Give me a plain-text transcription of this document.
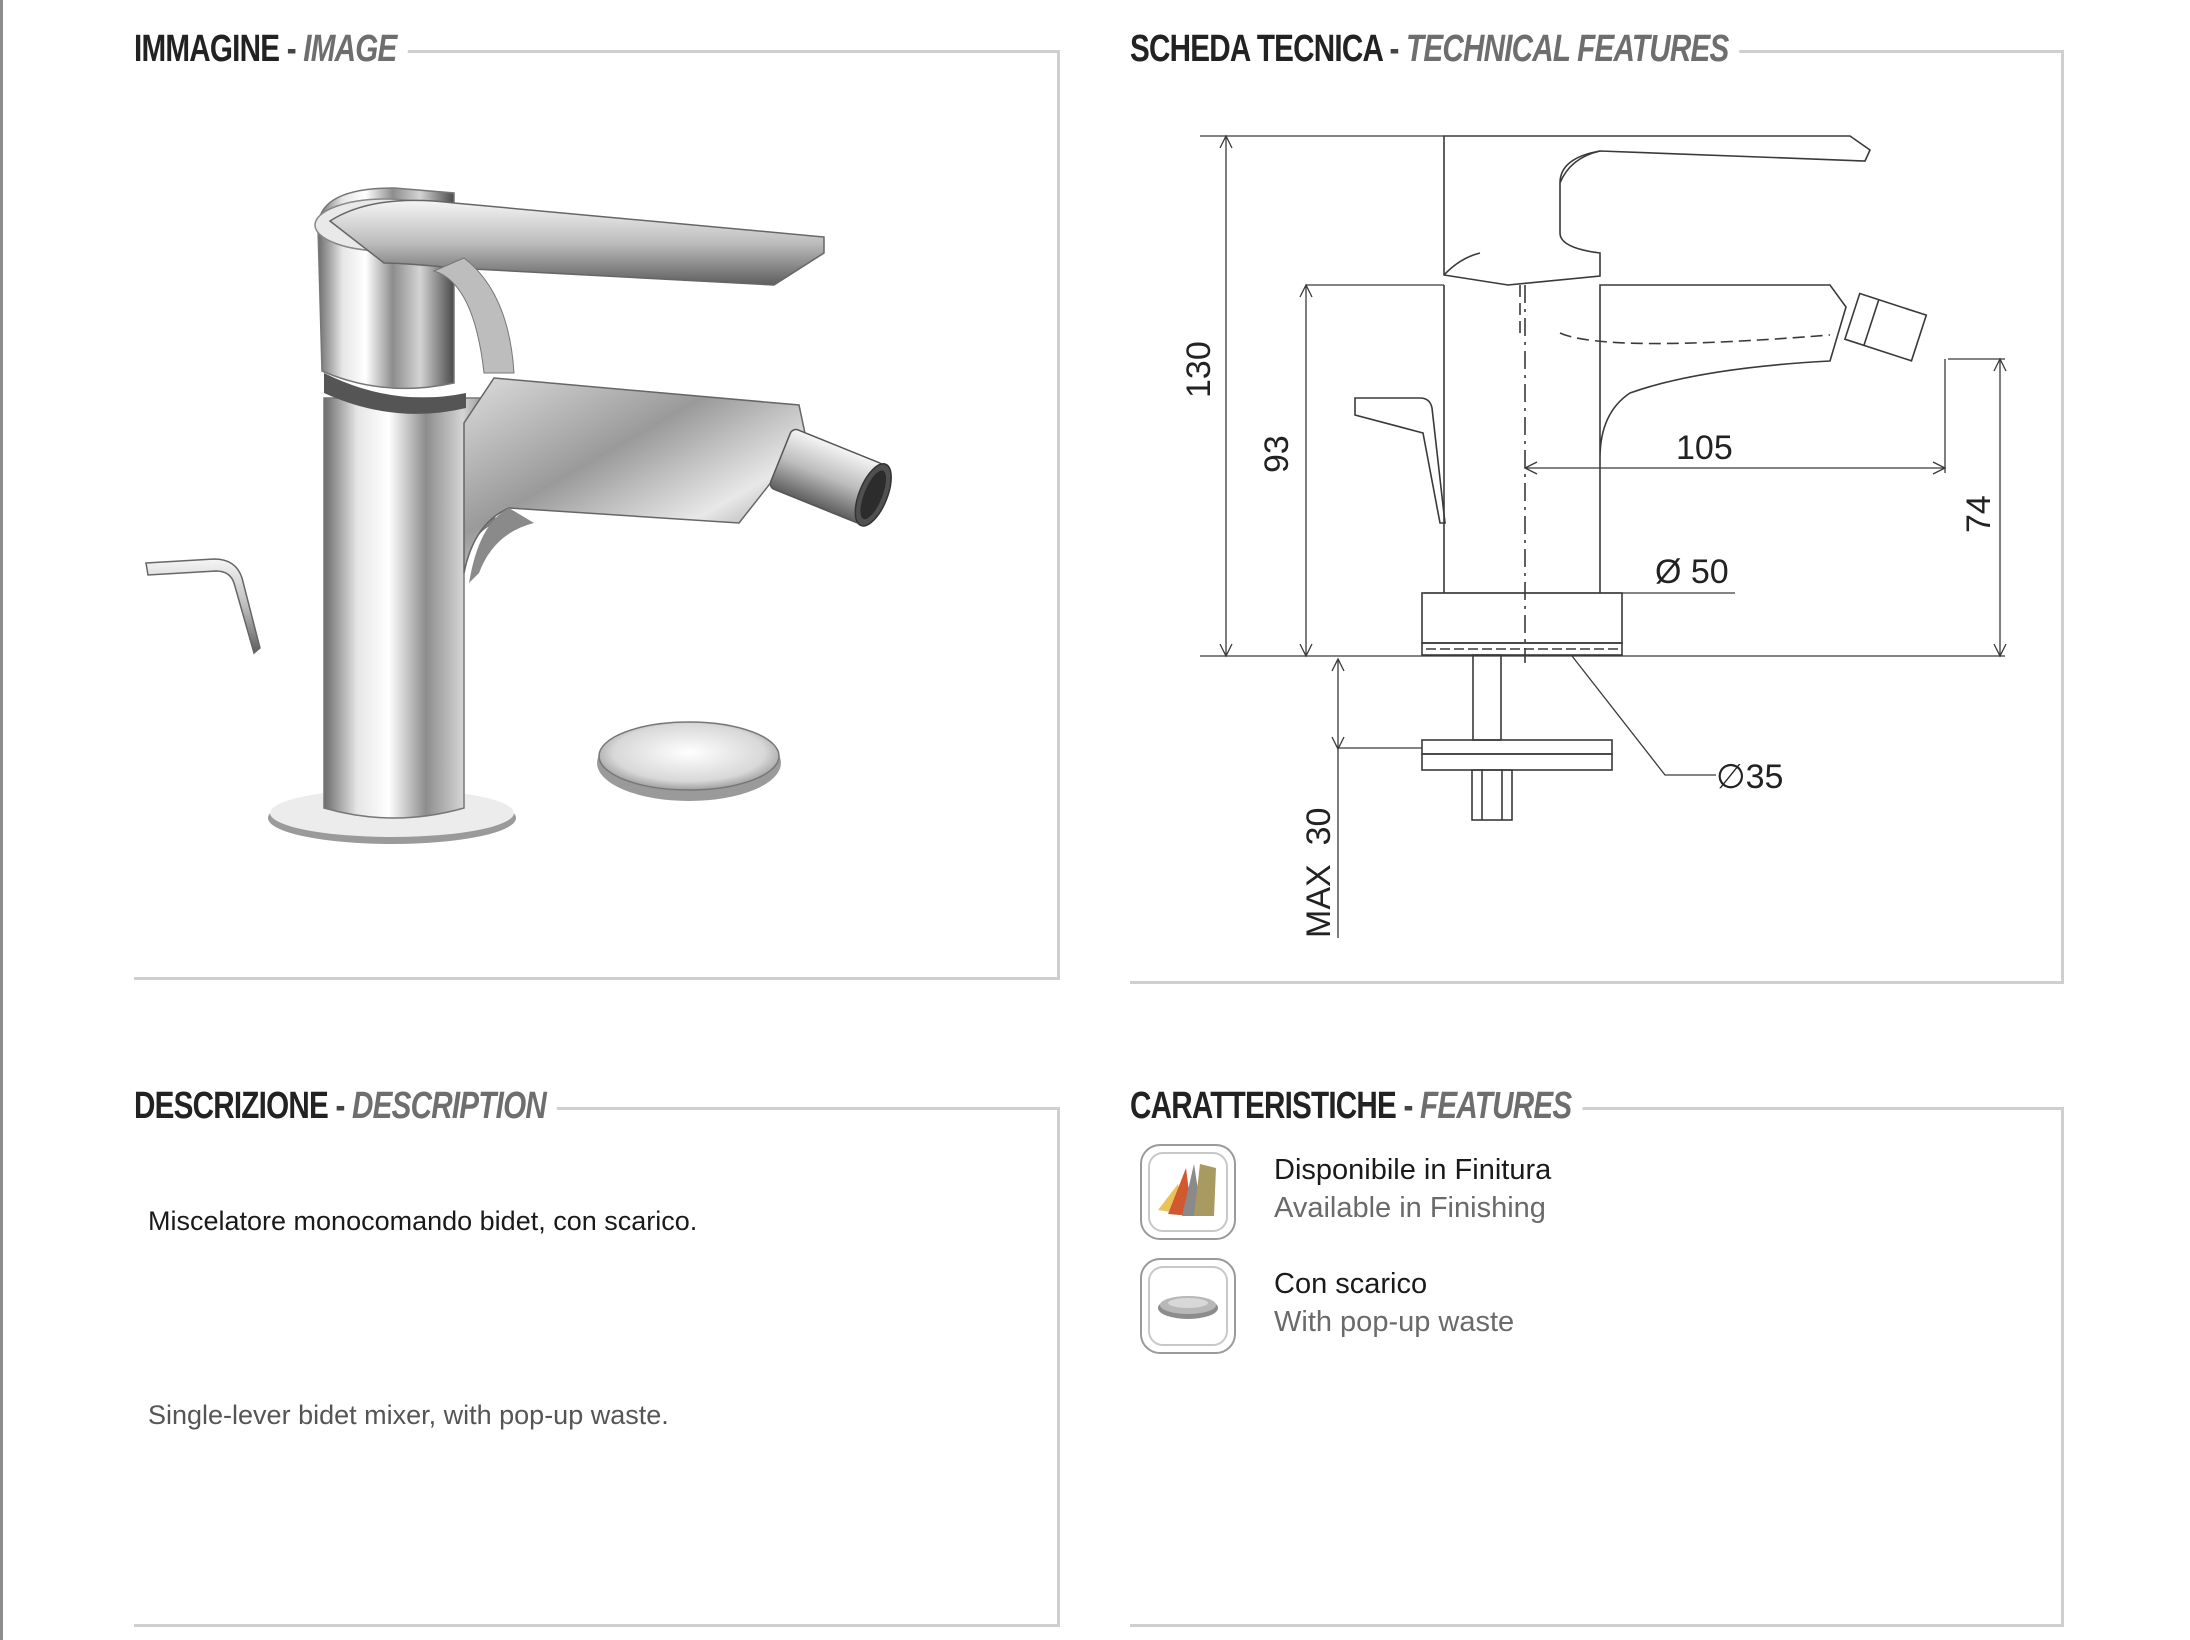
IMMAGINE - IMAGE	SCHEDA TECNICA - TECHNICAL FEATURES
130
93	105
74
Ø 50
∅35
MAX  30
DESCRIZIONE - DESCRIPTION
Miscelatore monocomando bidet, con scarico.
Single-lever bidet mixer, with pop-up waste.
CARATTERISTICHE - FEATURES
Disponibile in Finitura
Available in Finishing
Con scarico
With pop-up waste
